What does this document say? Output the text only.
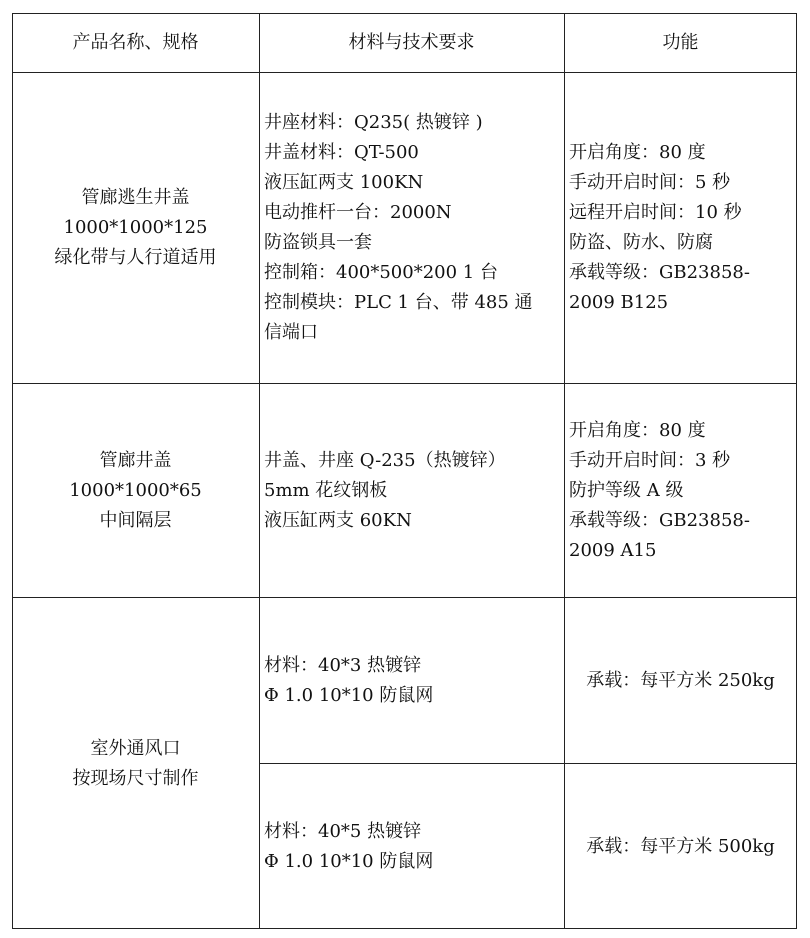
产品名称、规格	材料与技术要求	功能
管廊逃生井盖
1000*1000*125
绿化带与人行道适用
井座材料：Q235( 热镀锌 )
井盖材料：QT-500
液压缸两支 100KN
电动推杆一台：2000N
防盗锁具一套
控制箱：400*500*200 1 台
控制模块：PLC 1 台、带 485 通
信端口
开启角度：80 度
手动开启时间：5 秒
远程开启时间：10 秒
防盗、防水、防腐
承载等级：GB23858-
2009 B125
管廊井盖
1000*1000*65
中间隔层
井盖、井座 Q-235（热镀锌）
5mm 花纹钢板
液压缸两支 60KN
开启角度：80 度
手动开启时间：3 秒
防护等级 A 级
承载等级：GB23858-
2009 A15
室外通风口
按现场尺寸制作
材料：40*3 热镀锌
Φ 1.0 10*10 防鼠网
承载：每平方米 250kg
材料：40*5 热镀锌
Φ 1.0 10*10 防鼠网
承载：每平方米 500kg
